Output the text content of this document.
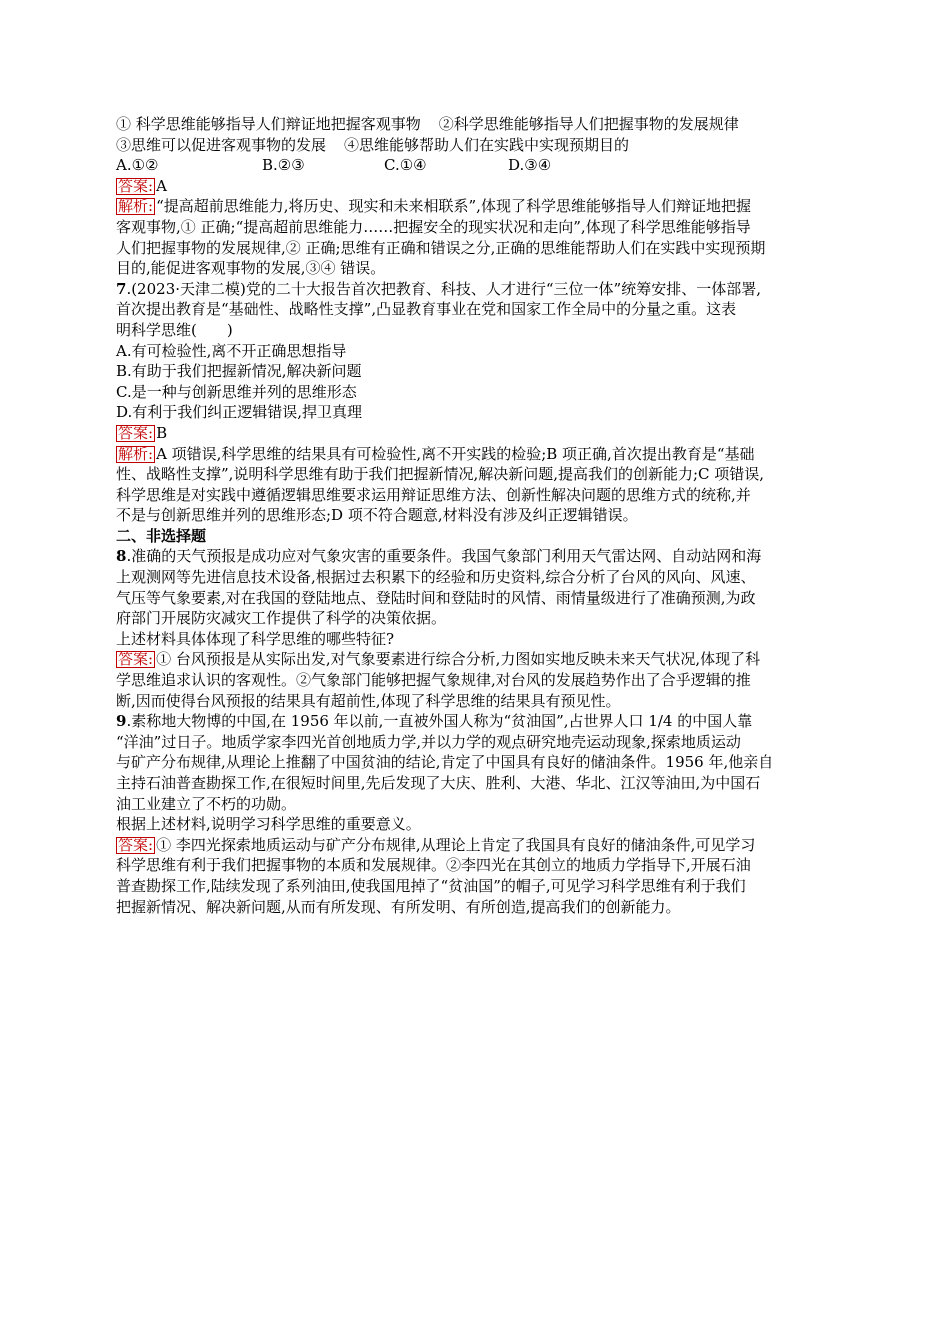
① 科学思维能够指导人们辩证地把握客观事物 ②科学思维能够指导人们把握事物的发展规律
③思维可以促进客观事物的发展 ④思维能够帮助人们在实践中实现预期目的
A.①②	B.②③	C.①④	D.③④
答案: A
解析: “提高超前思维能力,将历史、现实和未来相联系”,体现了科学思维能够指导人们辩证地把握
客观事物,① 正确;“提高超前思维能力……把握安全的现实状况和走向”,体现了科学思维能够指导
人们把握事物的发展规律,② 正确;思维有正确和错误之分,正确的思维能帮助人们在实践中实现预期
目的,能促进客观事物的发展,③④ 错误。
7.(2023·天津二模)党的二十大报告首次把教育、科技、人才进行“三位一体”统筹安排、一体部署,
首次提出教育是“基础性、战略性支撑”,凸显教育事业在党和国家工作全局中的分量之重。这表
明科学思维(　　)
A.有可检验性,离不开正确思想指导
B.有助于我们把握新情况,解决新问题
C.是一种与创新思维并列的思维形态
D.有利于我们纠正逻辑错误,捍卫真理
答案: B
解析: A 项错误,科学思维的结果具有可检验性,离不开实践的检验;B 项正确,首次提出教育是“基础
性、战略性支撑”,说明科学思维有助于我们把握新情况,解决新问题,提高我们的创新能力;C 项错误,
科学思维是对实践中遵循逻辑思维要求运用辩证思维方法、创新性解决问题的思维方式的统称,并
不是与创新思维并列的思维形态;D 项不符合题意,材料没有涉及纠正逻辑错误。
二、非选择题
8.准确的天气预报是成功应对气象灾害的重要条件。我国气象部门利用天气雷达网、自动站网和海
上观测网等先进信息技术设备,根据过去积累下的经验和历史资料,综合分析了台风的风向、风速、
气压等气象要素,对在我国的登陆地点、登陆时间和登陆时的风情、雨情量级进行了准确预测,为政
府部门开展防灾减灾工作提供了科学的决策依据。
上述材料具体体现了科学思维的哪些特征?
答案: ① 台风预报是从实际出发,对气象要素进行综合分析,力图如实地反映未来天气状况,体现了科
学思维追求认识的客观性。②气象部门能够把握气象规律,对台风的发展趋势作出了合乎逻辑的推
断,因而使得台风预报的结果具有超前性,体现了科学思维的结果具有预见性。
9.素称地大物博的中国,在 1956 年以前,一直被外国人称为“贫油国”,占世界人口 1/4 的中国人靠
“洋油”过日子。地质学家李四光首创地质力学,并以力学的观点研究地壳运动现象,探索地质运动
与矿产分布规律,从理论上推翻了中国贫油的结论,肯定了中国具有良好的储油条件。1956 年,他亲自
主持石油普查勘探工作,在很短时间里,先后发现了大庆、胜利、大港、华北、江汉等油田,为中国石
油工业建立了不朽的功勋。
根据上述材料,说明学习科学思维的重要意义。
答案: ① 李四光探索地质运动与矿产分布规律,从理论上肯定了我国具有良好的储油条件,可见学习
科学思维有利于我们把握事物的本质和发展规律。②李四光在其创立的地质力学指导下,开展石油
普查勘探工作,陆续发现了系列油田,使我国甩掉了“贫油国”的帽子,可见学习科学思维有利于我们
把握新情况、解决新问题,从而有所发现、有所发明、有所创造,提高我们的创新能力。
